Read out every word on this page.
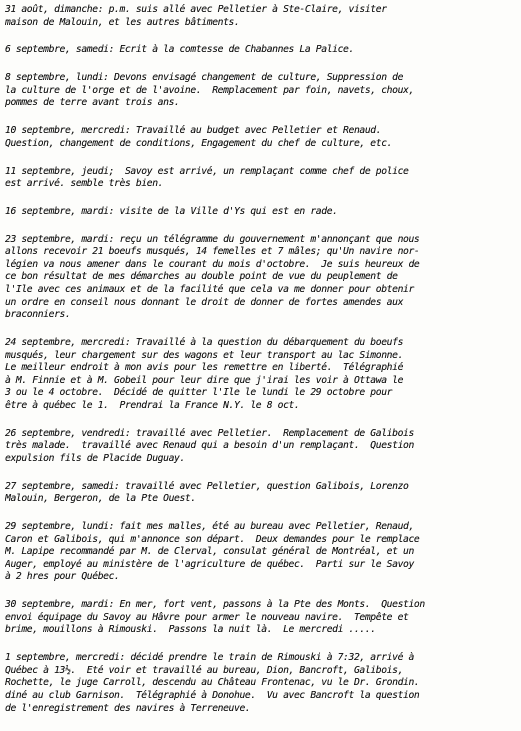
31 août, dimanche: p.m. suis allé avec Pelletier à Ste-Claire, visiter
maison de Malouin, et les autres bâtiments.
6 septembre, samedi: Ecrit à la comtesse de Chabannes La Palice.
8 septembre, lundi: Devons envisagé changement de culture, Suppression de
la culture de l'orge et de l'avoine.  Remplacement par foin, navets, choux,
pommes de terre avant trois ans.
10 septembre, mercredi: Travaillé au budget avec Pelletier et Renaud.
Question, changement de conditions, Engagement du chef de culture, etc.
11 septembre, jeudi;  Savoy est arrivé, un remplaçant comme chef de police
est arrivé. semble très bien.
16 septembre, mardi: visite de la Ville d'Ys qui est en rade.
23 septembre, mardi: reçu un télégramme du gouvernement m'annonçant que nous
allons recevoir 21 boeufs musqués, 14 femelles et 7 mâles; qu'Un navire nor-
légien va nous amener dans le courant du mois d'octobre.  Je suis heureux de
ce bon résultat de mes démarches au double point de vue du peuplement de
l'Ile avec ces animaux et de la facilité que cela va me donner pour obtenir
un ordre en conseil nous donnant le droit de donner de fortes amendes aux
braconniers.
24 septembre, mercredi: Travaillé à la question du débarquement du boeufs
musqués, leur chargement sur des wagons et leur transport au lac Simonne.
Le meilleur endroit à mon avis pour les remettre en liberté.  Télégraphié
à M. Finnie et à M. Gobeil pour leur dire que j'irai les voir à Ottawa le
3 ou le 4 octobre.  Décidé de quitter l'Ile le lundi le 29 octobre pour
être à québec le 1.  Prendrai la France N.Y. le 8 oct.
26 septembre, vendredi: travaillé avec Pelletier.  Remplacement de Galibois
très malade.  travaillé avec Renaud qui a besoin d'un remplaçant.  Question
expulsion fils de Placide Duguay.
27 septembre, samedi: travaillé avec Pelletier, question Galibois, Lorenzo
Malouin, Bergeron, de la Pte Ouest.
29 septembre, lundi: fait mes malles, été au bureau avec Pelletier, Renaud,
Caron et Galibois, qui m'annonce son départ.  Deux demandes pour le remplace
M. Lapipe recommandé par M. de Clerval, consulat général de Montréal, et un
Auger, employé au ministère de l'agriculture de québec.  Parti sur le Savoy
à 2 hres pour Québec.
30 septembre, mardi: En mer, fort vent, passons à la Pte des Monts.  Question
envoi équipage du Savoy au Hâvre pour armer le nouveau navire.  Tempête et
brime, mouillons à Rimouski.  Passons la nuit là.  Le mercredi .....
1 septembre, mercredi: décidé prendre le train de Rimouski à 7:32, arrivé à
Québec à 13½.  Eté voir et travaillé au bureau, Dion, Bancroft, Galibois,
Rochette, le juge Carroll, descendu au Château Frontenac, vu le Dr. Grondin.
diné au club Garnison.  Télégraphié à Donohue.  Vu avec Bancroft la question
de l'enregistrement des navires à Terreneuve.
